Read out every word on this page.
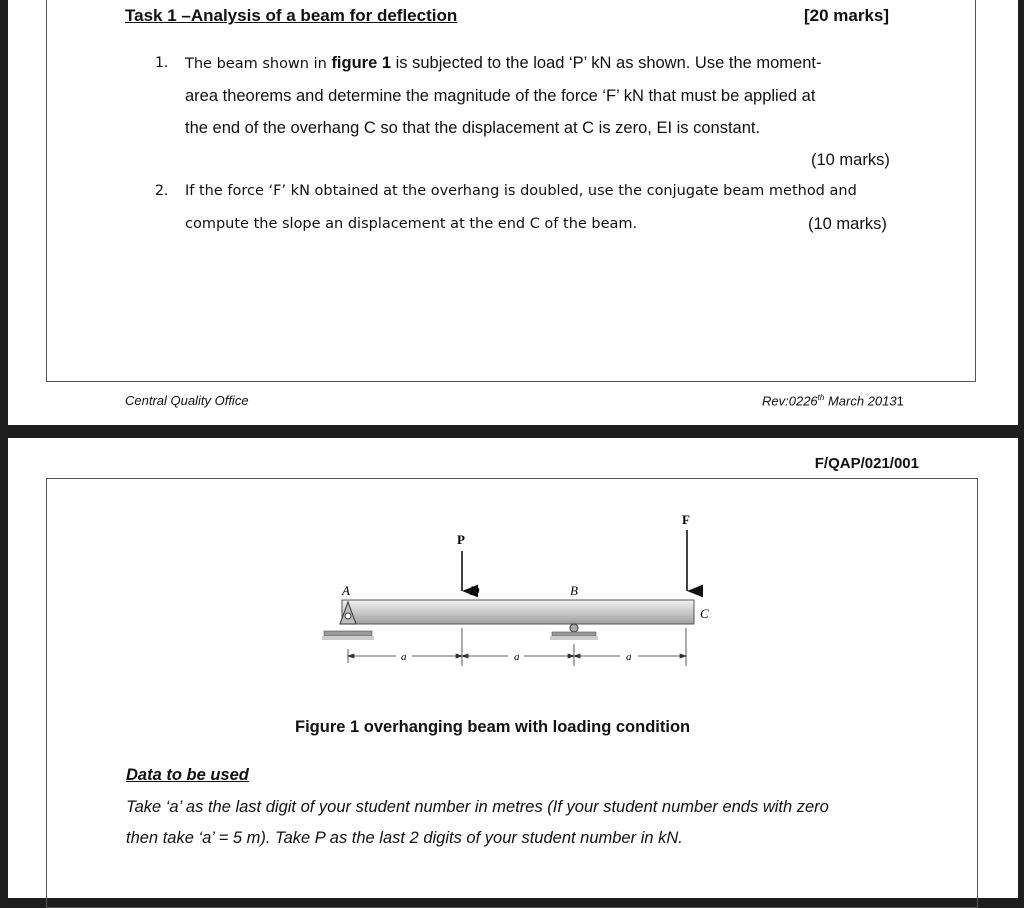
Task 1 –Analysis of a beam for deflection	[20 marks]
1. The beam shown in figure 1 is subjected to the load ‘P’ kN as shown. Use the moment-
area theorems and determine the magnitude of the force ‘F’ kN that must be applied at
the end of the overhang C so that the displacement at C is zero, EI is constant.
(10 marks)
2. If the force ‘F’ kN obtained at the overhang is doubled, use the conjugate beam method and
compute the slope an displacement at the end C of the beam.	(10 marks)
Central Quality Office	Rev:0226th March 20131
F/QAP/021/001
P
F
A	D	B
C
a	a	a
Figure 1 overhanging beam with loading condition
Data to be used
Take ‘a’ as the last digit of your student number in metres (If your student number ends with zero
then take ‘a’ = 5 m). Take P as the last 2 digits of your student number in kN.
